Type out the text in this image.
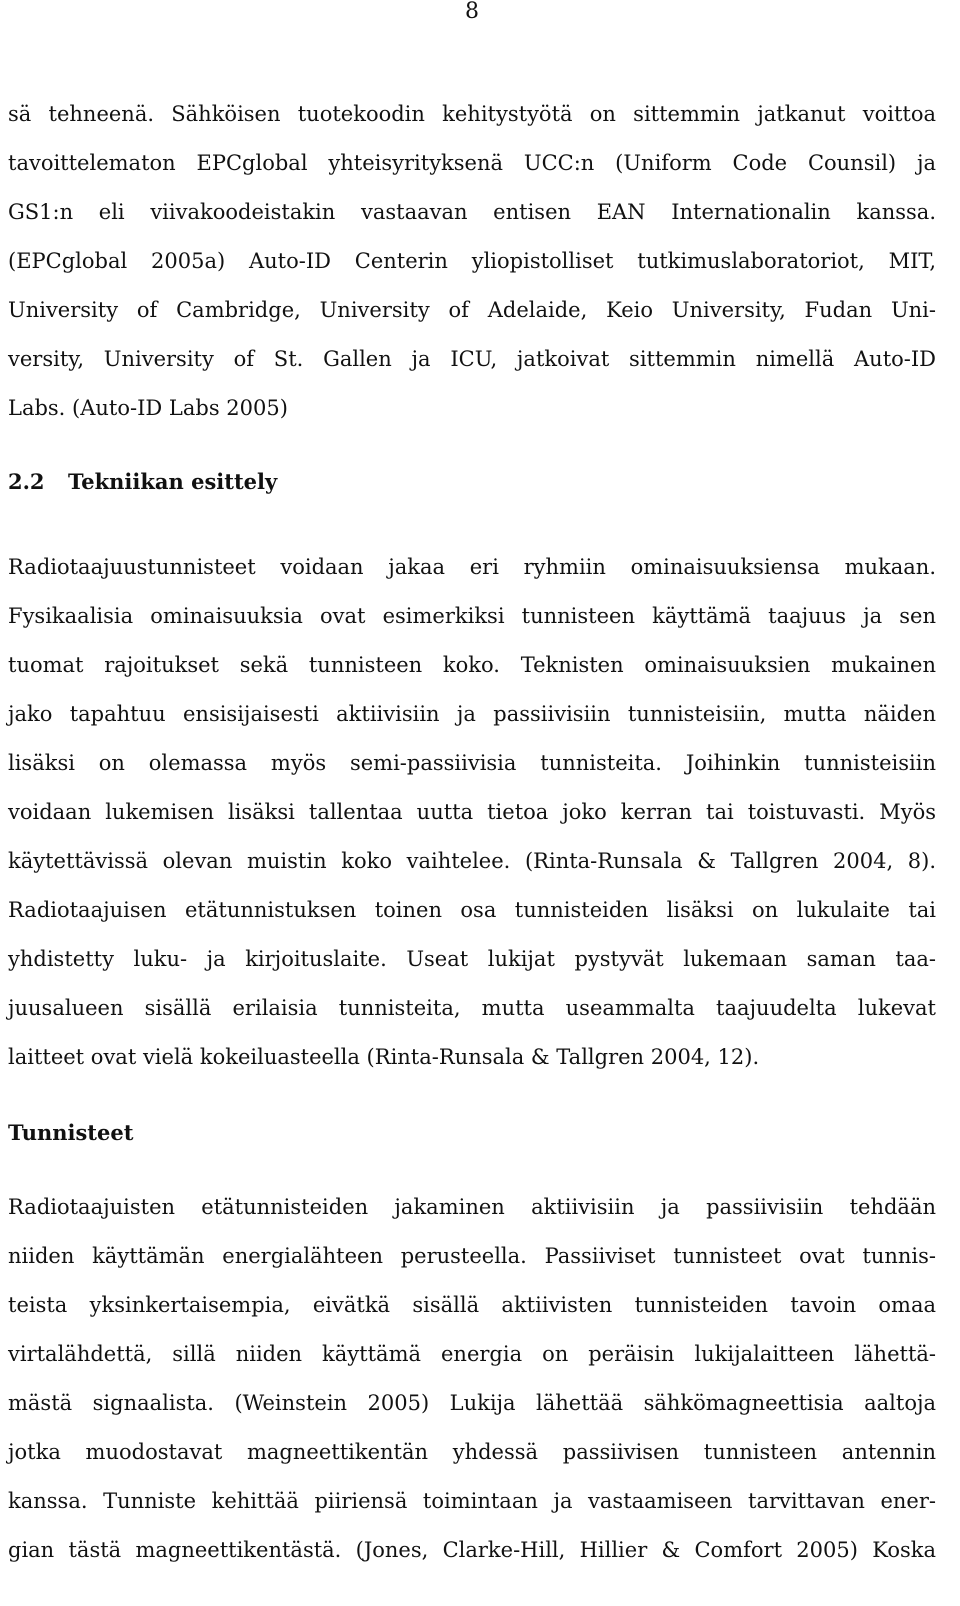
8
sä tehneenä. Sähköisen tuotekoodin kehitystyötä on sittemmin jatkanut voittoa
tavoittelematon EPCglobal yhteisyrityksenä UCC:n (Uniform Code Counsil) ja
GS1:n eli viivakoodeistakin vastaavan entisen EAN Internationalin kanssa.
(EPCglobal 2005a) Auto-ID Centerin yliopistolliset tutkimuslaboratoriot, MIT,
University of Cambridge, University of Adelaide, Keio University, Fudan Uni-
versity, University of St. Gallen ja ICU, jatkoivat sittemmin nimellä Auto-ID
Labs. (Auto-ID Labs 2005)
2.2 Tekniikan esittely
Radiotaajuustunnisteet voidaan jakaa eri ryhmiin ominaisuuksiensa mukaan.
Fysikaalisia ominaisuuksia ovat esimerkiksi tunnisteen käyttämä taajuus ja sen
tuomat rajoitukset sekä tunnisteen koko. Teknisten ominaisuuksien mukainen
jako tapahtuu ensisijaisesti aktiivisiin ja passiivisiin tunnisteisiin, mutta näiden
lisäksi on olemassa myös semi-passiivisia tunnisteita. Joihinkin tunnisteisiin
voidaan lukemisen lisäksi tallentaa uutta tietoa joko kerran tai toistuvasti. Myös
käytettävissä olevan muistin koko vaihtelee. (Rinta-Runsala & Tallgren 2004, 8).
Radiotaajuisen etätunnistuksen toinen osa tunnisteiden lisäksi on lukulaite tai
yhdistetty luku- ja kirjoituslaite. Useat lukijat pystyvät lukemaan saman taa-
juusalueen sisällä erilaisia tunnisteita, mutta useammalta taajuudelta lukevat
laitteet ovat vielä kokeiluasteella (Rinta-Runsala & Tallgren 2004, 12).
Tunnisteet
Radiotaajuisten etätunnisteiden jakaminen aktiivisiin ja passiivisiin tehdään
niiden käyttämän energialähteen perusteella. Passiiviset tunnisteet ovat tunnis-
teista yksinkertaisempia, eivätkä sisällä aktiivisten tunnisteiden tavoin omaa
virtalähdettä, sillä niiden käyttämä energia on peräisin lukijalaitteen lähettä-
mästä signaalista. (Weinstein 2005) Lukija lähettää sähkömagneettisia aaltoja
jotka muodostavat magneettikentän yhdessä passiivisen tunnisteen antennin
kanssa. Tunniste kehittää piiriensä toimintaan ja vastaamiseen tarvittavan ener-
gian tästä magneettikentästä. (Jones, Clarke-Hill, Hillier & Comfort 2005) Koska
